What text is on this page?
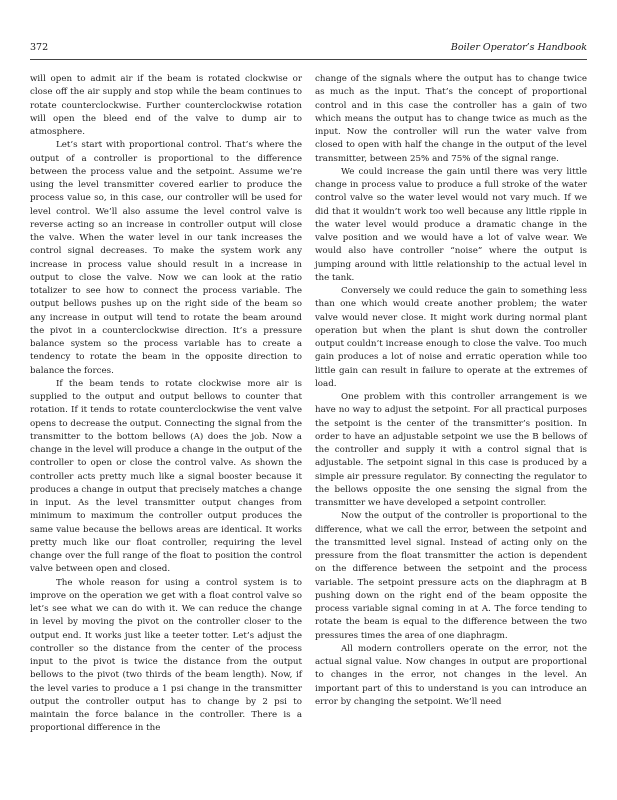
372	Boiler Operator’s Handbook

will open to admit air if the beam is rotated clockwise or close off the air supply and stop while the beam continues to rotate counterclockwise. Further counterclockwise rotation will open the bleed end of the valve to dump air to atmosphere.

Let’s start with proportional control. That’s where the output of a controller is proportional to the difference between the process value and the setpoint. Assume we’re using the level transmitter covered earlier to produce the process value so, in this case, our controller will be used for level control. We’ll also assume the level control valve is reverse acting so an increase in controller output will close the valve. When the water level in our tank increases the control signal decreases. To make the system work any increase in process value should result in a increase in output to close the valve. Now we can look at the ratio totalizer to see how to connect the process variable. The output bellows pushes up on the right side of the beam so any increase in output will tend to rotate the beam around the pivot in a counterclockwise direction. It’s a pressure balance system so the process variable has to create a tendency to rotate the beam in the opposite direction to balance the forces.

If the beam tends to rotate clockwise more air is supplied to the output and output bellows to counter that rotation. If it tends to rotate counterclockwise the vent valve opens to decrease the output. Connecting the signal from the transmitter to the bottom bellows (A) does the job. Now a change in the level will produce a change in the output of the controller to open or close the control valve. As shown the controller acts pretty much like a signal booster because it produces a change in output that precisely matches a change in input. As the level transmitter output changes from minimum to maximum the controller output produces the same value because the bellows areas are identical. It works pretty much like our float controller, requiring the level change over the full range of the float to position the control valve between open and closed.

The whole reason for using a control system is to improve on the operation we get with a float control valve so let’s see what we can do with it. We can reduce the change in level by moving the pivot on the controller closer to the output end. It works just like a teeter totter. Let’s adjust the controller so the distance from the center of the process input to the pivot is twice the distance from the output bellows to the pivot (two thirds of the beam length). Now, if the level varies to produce a 1 psi change in the transmitter output the controller output has to change by 2 psi to maintain the force balance in the controller. There is a proportional difference in the

change of the signals where the output has to change twice as much as the input. That’s the concept of proportional control and in this case the controller has a gain of two which means the output has to change twice as much as the input. Now the controller will run the water valve from closed to open with half the change in the output of the level transmitter, between 25% and 75% of the signal range.

We could increase the gain until there was very little change in process value to produce a full stroke of the water control valve so the water level would not vary much. If we did that it wouldn’t work too well because any little ripple in the water level would produce a dramatic change in the valve position and we would have a lot of valve wear. We would also have controller “noise” where the output is jumping around with little relationship to the actual level in the tank.

Conversely we could reduce the gain to something less than one which would create another problem; the water valve would never close. It might work during normal plant operation but when the plant is shut down the controller output couldn’t increase enough to close the valve. Too much gain produces a lot of noise and erratic operation while too little gain can result in failure to operate at the extremes of load.

One problem with this controller arrangement is we have no way to adjust the setpoint. For all practical purposes the setpoint is the center of the transmitter’s position. In order to have an adjustable setpoint we use the B bellows of the controller and supply it with a control signal that is adjustable. The setpoint signal in this case is produced by a simple air pressure regulator. By connecting the regulator to the bellows opposite the one sensing the signal from the transmitter we have developed a setpoint controller.

Now the output of the controller is proportional to the difference, what we call the error, between the setpoint and the transmitted level signal. Instead of acting only on the pressure from the float transmitter the action is dependent on the difference between the setpoint and the process variable. The setpoint pressure acts on the diaphragm at B pushing down on the right end of the beam opposite the process variable signal coming in at A. The force tending to rotate the beam is equal to the difference between the two pressures times the area of one diaphragm.

All modern controllers operate on the error, not the actual signal value. Now changes in output are proportional to changes in the error, not changes in the level. An important part of this to understand is you can introduce an error by changing the setpoint. We’ll need
